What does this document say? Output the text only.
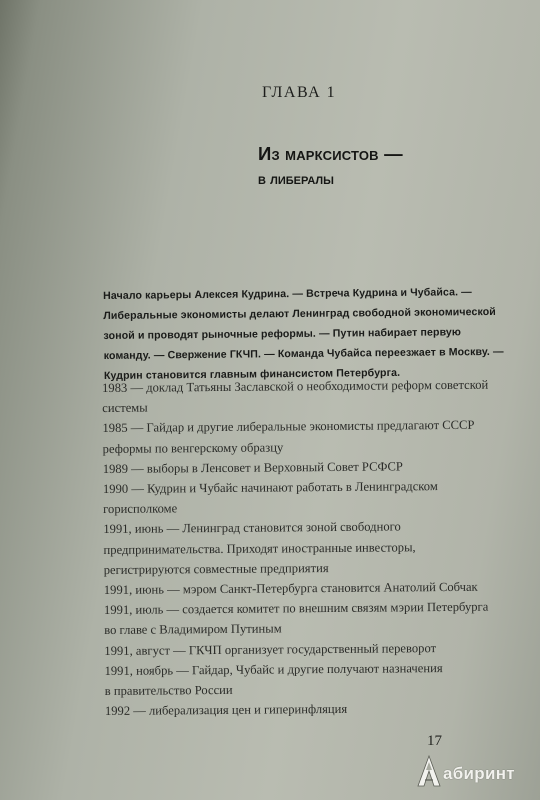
ГЛАВА 1
Из марксистов —
в либералы
Начало карьеры Алексея Кудрина. — Встреча Кудрина и Чубайса. —
Либеральные экономисты делают Ленинград свободной экономической
зоной и проводят рыночные реформы. — Путин набирает первую
команду. — Свержение ГКЧП. — Команда Чубайса переезжает в Москву. —
Кудрин становится главным финансистом Петербурга.
1983 — доклад Татьяны Заславской о необходимости реформ советской
системы
1985 — Гайдар и другие либеральные экономисты предлагают СССР
реформы по венгерскому образцу
1989 — выборы в Ленсовет и Верховный Совет РСФСР
1990 — Кудрин и Чубайс начинают работать в Ленинградском
горисполкоме
1991, июнь — Ленинград становится зоной свободного
предпринимательства. Приходят иностранные инвесторы,
регистрируются совместные предприятия
1991, июнь — мэром Санкт-Петербурга становится Анатолий Собчак
1991, июль — создается комитет по внешним связям мэрии Петербурга
во главе с Владимиром Путиным
1991, август — ГКЧП организует государственный переворот
1991, ноябрь — Гайдар, Чубайс и другие получают назначения
в правительство России
1992 — либерализация цен и гиперинфляция
17
абиринт
